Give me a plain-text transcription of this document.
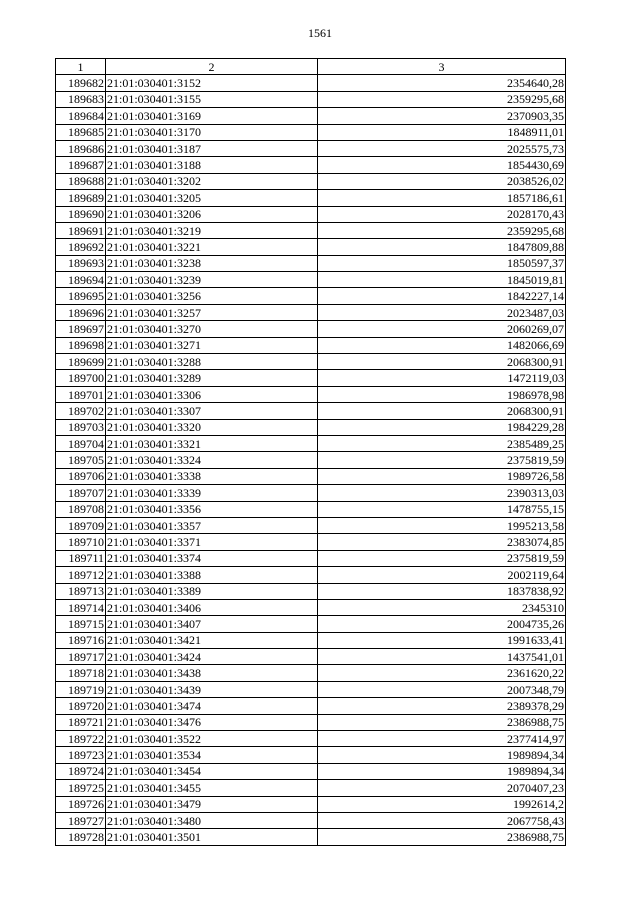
1561
1	2	3
189682	21:01:030401:3152	2354640,28
189683	21:01:030401:3155	2359295,68
189684	21:01:030401:3169	2370903,35
189685	21:01:030401:3170	1848911,01
189686	21:01:030401:3187	2025575,73
189687	21:01:030401:3188	1854430,69
189688	21:01:030401:3202	2038526,02
189689	21:01:030401:3205	1857186,61
189690	21:01:030401:3206	2028170,43
189691	21:01:030401:3219	2359295,68
189692	21:01:030401:3221	1847809,88
189693	21:01:030401:3238	1850597,37
189694	21:01:030401:3239	1845019,81
189695	21:01:030401:3256	1842227,14
189696	21:01:030401:3257	2023487,03
189697	21:01:030401:3270	2060269,07
189698	21:01:030401:3271	1482066,69
189699	21:01:030401:3288	2068300,91
189700	21:01:030401:3289	1472119,03
189701	21:01:030401:3306	1986978,98
189702	21:01:030401:3307	2068300,91
189703	21:01:030401:3320	1984229,28
189704	21:01:030401:3321	2385489,25
189705	21:01:030401:3324	2375819,59
189706	21:01:030401:3338	1989726,58
189707	21:01:030401:3339	2390313,03
189708	21:01:030401:3356	1478755,15
189709	21:01:030401:3357	1995213,58
189710	21:01:030401:3371	2383074,85
189711	21:01:030401:3374	2375819,59
189712	21:01:030401:3388	2002119,64
189713	21:01:030401:3389	1837838,92
189714	21:01:030401:3406	2345310
189715	21:01:030401:3407	2004735,26
189716	21:01:030401:3421	1991633,41
189717	21:01:030401:3424	1437541,01
189718	21:01:030401:3438	2361620,22
189719	21:01:030401:3439	2007348,79
189720	21:01:030401:3474	2389378,29
189721	21:01:030401:3476	2386988,75
189722	21:01:030401:3522	2377414,97
189723	21:01:030401:3534	1989894,34
189724	21:01:030401:3454	1989894,34
189725	21:01:030401:3455	2070407,23
189726	21:01:030401:3479	1992614,2
189727	21:01:030401:3480	2067758,43
189728	21:01:030401:3501	2386988,75
